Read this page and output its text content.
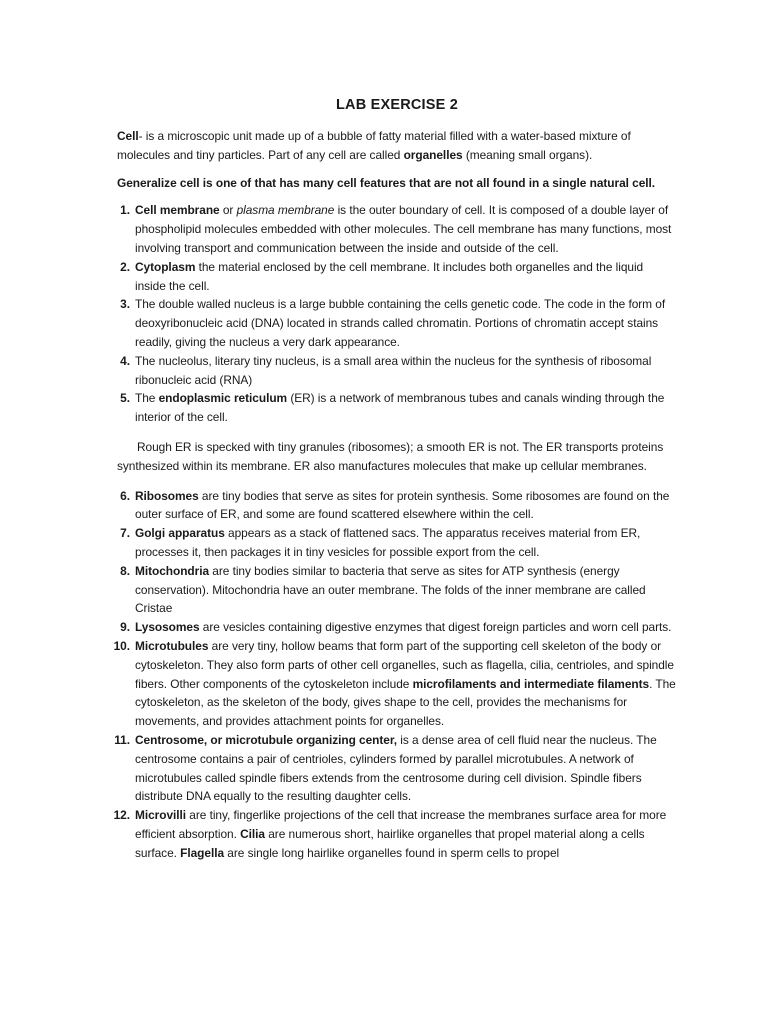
LAB EXERCISE 2

Cell- is a microscopic unit made up of a bubble of fatty material filled with a water-based mixture of molecules and tiny particles. Part of any cell are called organelles (meaning small organs).

Generalize cell is one of that has many cell features that are not all found in a single natural cell.

1. Cell membrane or plasma membrane is the outer boundary of cell. It is composed of a double layer of phospholipid molecules embedded with other molecules. The cell membrane has many functions, most involving transport and communication between the inside and outside of the cell.
2. Cytoplasm the material enclosed by the cell membrane. It includes both organelles and the liquid inside the cell.
3. The double walled nucleus is a large bubble containing the cells genetic code. The code in the form of deoxyribonucleic acid (DNA) located in strands called chromatin. Portions of chromatin accept stains readily, giving the nucleus a very dark appearance.
4. The nucleolus, literary tiny nucleus, is a small area within the nucleus for the synthesis of ribosomal ribonucleic acid (RNA)
5. The endoplasmic reticulum (ER) is a network of membranous tubes and canals winding through the interior of the cell.

Rough ER is specked with tiny granules (ribosomes); a smooth ER is not. The ER transports proteins synthesized within its membrane. ER also manufactures molecules that make up cellular membranes.

6. Ribosomes are tiny bodies that serve as sites for protein synthesis. Some ribosomes are found on the outer surface of ER, and some are found scattered elsewhere within the cell.
7. Golgi apparatus appears as a stack of flattened sacs. The apparatus receives material from ER, processes it, then packages it in tiny vesicles for possible export from the cell.
8. Mitochondria are tiny bodies similar to bacteria that serve as sites for ATP synthesis (energy conservation). Mitochondria have an outer membrane. The folds of the inner membrane are called Cristae
9. Lysosomes are vesicles containing digestive enzymes that digest foreign particles and worn cell parts.
10. Microtubules are very tiny, hollow beams that form part of the supporting cell skeleton of the body or cytoskeleton. They also form parts of other cell organelles, such as flagella, cilia, centrioles, and spindle fibers. Other components of the cytoskeleton include microfilaments and intermediate filaments. The cytoskeleton, as the skeleton of the body, gives shape to the cell, provides the mechanisms for movements, and provides attachment points for organelles.
11. Centrosome, or microtubule organizing center, is a dense area of cell fluid near the nucleus. The centrosome contains a pair of centrioles, cylinders formed by parallel microtubules. A network of microtubules called spindle fibers extends from the centrosome during cell division. Spindle fibers distribute DNA equally to the resulting daughter cells.
12. Microvilli are tiny, fingerlike projections of the cell that increase the membranes surface area for more efficient absorption. Cilia are numerous short, hairlike organelles that propel material along a cells surface. Flagella are single long hairlike organelles found in sperm cells to propel
